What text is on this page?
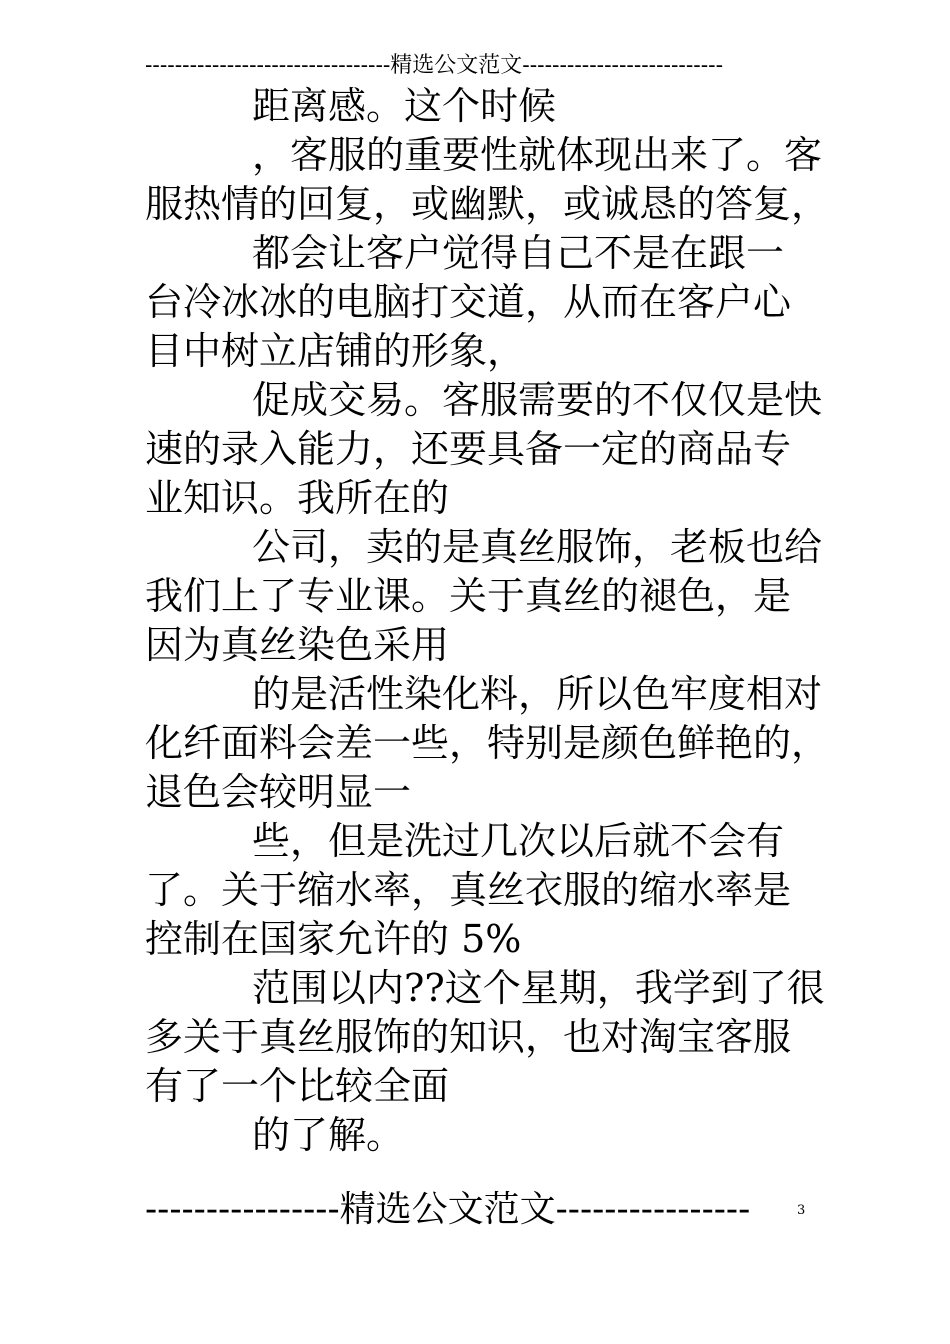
---------------------------------精选公文范文---------------------------
距离感。这个时候
，客服的重要性就体现出来了。客
服热情的回复，或幽默，或诚恳的答复，
都会让客户觉得自己不是在跟一
台冷冰冰的电脑打交道，从而在客户心
目中树立店铺的形象，
促成交易。客服需要的不仅仅是快
速的录入能力，还要具备一定的商品专
业知识。我所在的
公司，卖的是真丝服饰，老板也给
我们上了专业课。关于真丝的褪色，是
因为真丝染色采用
的是活性染化料，所以色牢度相对
化纤面料会差一些，特别是颜色鲜艳的，
退色会较明显一
些，但是洗过几次以后就不会有
了。关于缩水率，真丝衣服的缩水率是
控制在国家允许的 5%
范围以内??这个星期，我学到了很
多关于真丝服饰的知识，也对淘宝客服
有了一个比较全面
的了解。
----------------精选公文范文----------------	3
